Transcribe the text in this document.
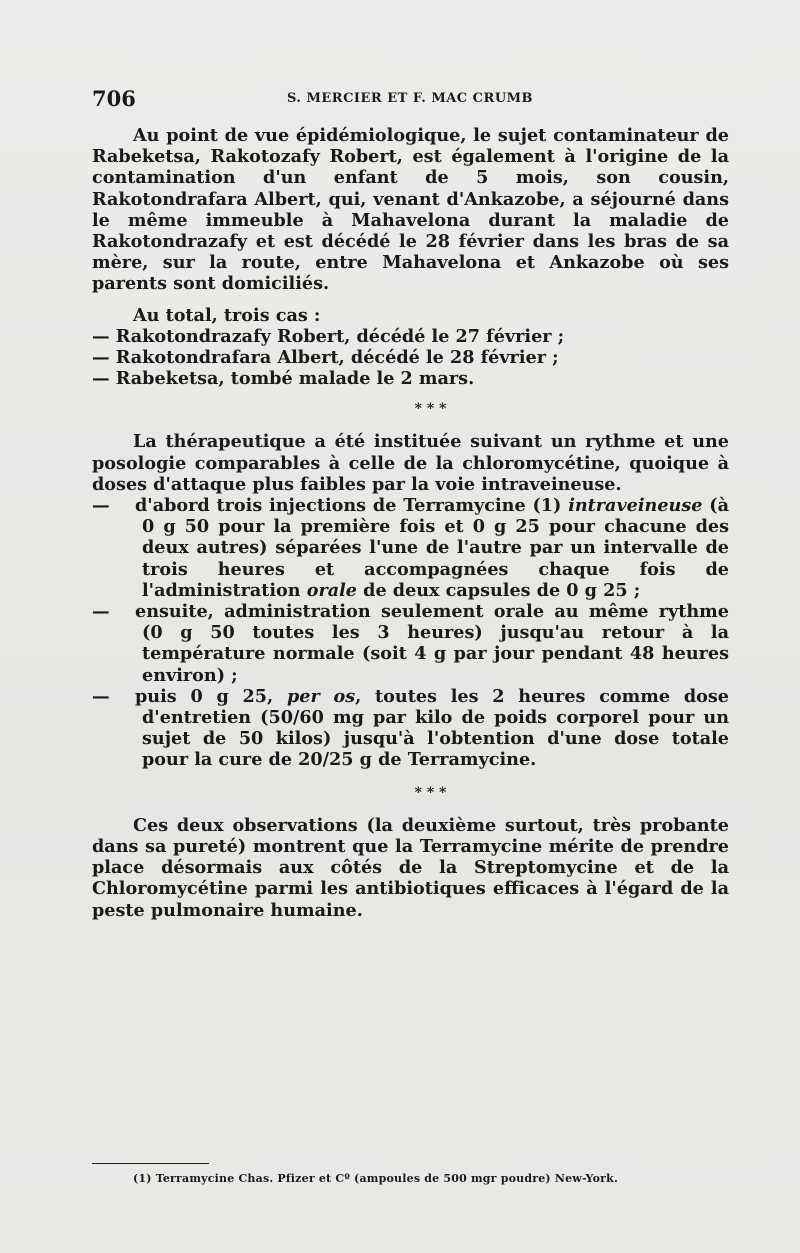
706	S. MERCIER ET F. MAC CRUMB

Au point de vue épidémiologique, le sujet contaminateur de Rabeketsa, Rakotozafy Robert, est également à l'origine de la contamination d'un enfant de 5 mois, son cousin, Rakotondrafara Albert, qui, venant d'Ankazobe, a séjourné dans le même immeuble à Mahavelona durant la maladie de Rakotondrazafy et est décédé le 28 février dans les bras de sa mère, sur la route, entre Mahavelona et Ankazobe où ses parents sont domiciliés.

Au total, trois cas :

— Rakotondrazafy Robert, décédé le 27 février ;

— Rakotondrafara Albert, décédé le 28 février ;

— Rabeketsa, tombé malade le 2 mars.

* * *

La thérapeutique a été instituée suivant un rythme et une posologie comparables à celle de la chloromycétine, quoique à doses d'attaque plus faibles par la voie intraveineuse.

— d'abord trois injections de Terramycine (1) intraveineuse (à 0 g 50 pour la première fois et 0 g 25 pour chacune des deux autres) séparées l'une de l'autre par un intervalle de trois heures et accompagnées chaque fois de l'administration orale de deux capsules de 0 g 25 ;

— ensuite, administration seulement orale au même rythme (0 g 50 toutes les 3 heures) jusqu'au retour à la température normale (soit 4 g par jour pendant 48 heures environ) ;

— puis 0 g 25, per os, toutes les 2 heures comme dose d'entretien (50/60 mg par kilo de poids corporel pour un sujet de 50 kilos) jusqu'à l'obtention d'une dose totale pour la cure de 20/25 g de Terramycine.

* * *

Ces deux observations (la deuxième surtout, très probante dans sa pureté) montrent que la Terramycine mérite de prendre place désormais aux côtés de la Streptomycine et de la Chloromycétine parmi les antibiotiques efficaces à l'égard de la peste pulmonaire humaine.

(1) Terramycine Chas. Pfizer et Cº (ampoules de 500 mgr poudre) New-York.
